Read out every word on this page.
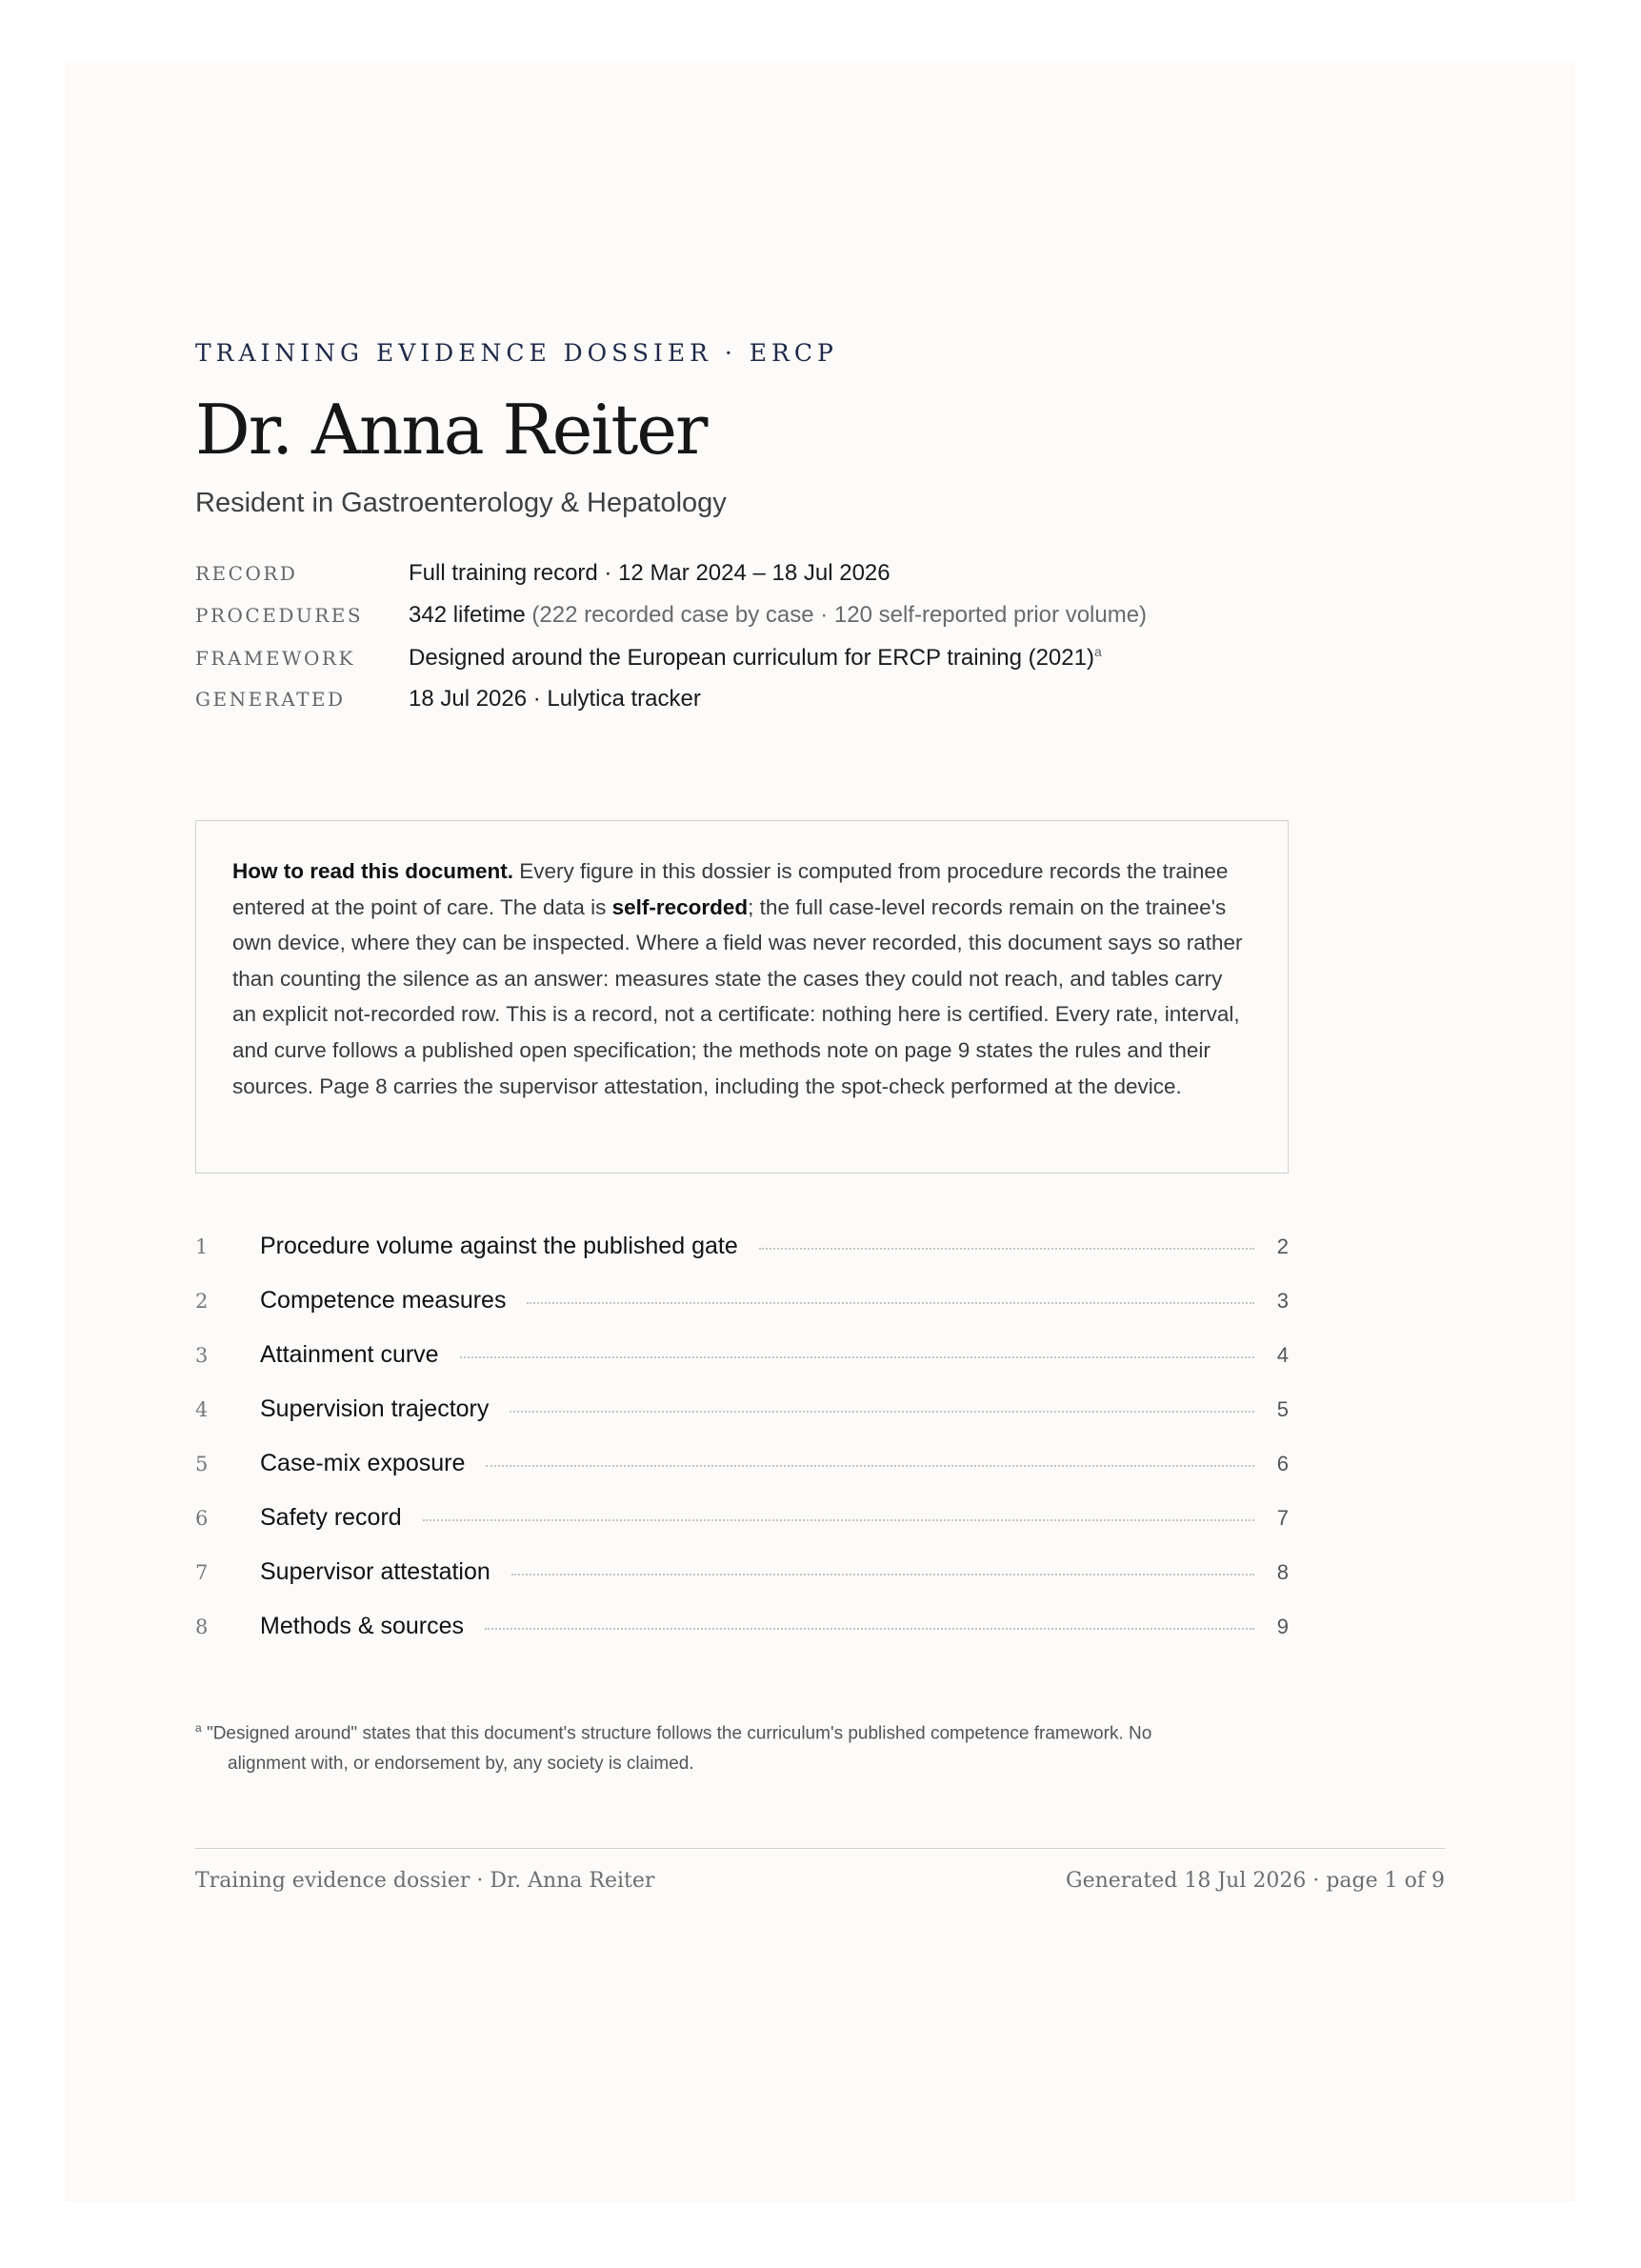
TRAINING EVIDENCE DOSSIER · ERCP
Dr. Anna Reiter
Resident in Gastroenterology & Hepatology
RECORD	Full training record · 12 Mar 2024 – 18 Jul 2026
PROCEDURES	342 lifetime (222 recorded case by case · 120 self-reported prior volume)
FRAMEWORK	Designed around the European curriculum for ERCP training $(2021)^a$
GENERATED	18 Jul 2026 · Lulytica tracker
How to read this document. Every figure in this dossier is computed from procedure records the trainee entered at the point of care. The data is self-recorded; the full case-level records remain on the trainee's own device, where they can be inspected. Where a field was never recorded, this document says so rather than counting the silence as an answer: measures state the cases they could not reach, and tables carry an explicit not-recorded row. This is a record, not a certificate: nothing here is certified. Every rate, interval, and curve follows a published open specification; the methods note on page 9 states the rules and their sources. Page 8 carries the supervisor attestation, including the spot-check performed at the device.
1	Procedure volume against the published gate	2
2	Competence measures	3
3	Attainment curve	4
4	Supervision trajectory	5
5	Case-mix exposure	6
6	Safety record	7
7	Supervisor attestation	8
8	Methods & sources	9
$^a$ "Designed around" states that this document's structure follows the curriculum's published competence framework. No
alignment with, or endorsement by, any society is claimed.
Training evidence dossier · Dr. Anna Reiter	Generated 18 Jul 2026 · page 1 of 9
